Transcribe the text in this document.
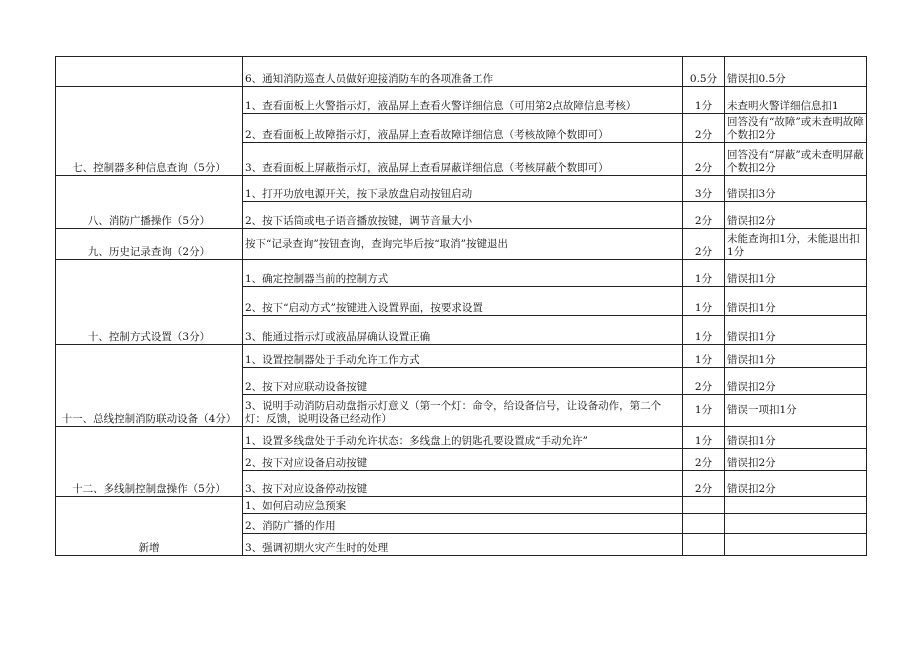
	6、通知消防巡查人员做好迎接消防车的各项准备工作	0.5分	错误扣0.5分
七、控制器多种信息查询（5分）	1、查看面板上火警指示灯，液晶屏上查看火警详细信息（可用第2点故障信息考核）	1分	未查明火警详细信息扣1
	2、查看面板上故障指示灯，液晶屏上查看故障详细信息（考核故障个数即可）	2分	回答没有“故障”或未查明故障个数扣2分
	3、查看面板上屏蔽指示灯，液晶屏上查看屏蔽详细信息（考核屏蔽个数即可）	2分	回答没有“屏蔽”或未查明屏蔽个数扣2分
八、消防广播操作（5分）	1、打开功放电源开关，按下录放盘启动按钮启动	3分	错误扣3分
	2、按下话筒或电子语音播放按键，调节音量大小	2分	错误扣2分
九、历史记录查询（2分）	按下“记录查询”按钮查询，查询完毕后按“取消”按键退出	2分	未能查询扣1分，未能退出扣1分
十、控制方式设置（3分）	1、确定控制器当前的控制方式	1分	错误扣1分
	2、按下“启动方式”按键进入设置界面，按要求设置	1分	错误扣1分
	3、能通过指示灯或液晶屏确认设置正确	1分	错误扣1分
十一、总线控制消防联动设备（4分）	1、设置控制器处于手动允许工作方式	1分	错误扣1分
	2、按下对应联动设备按键	2分	错误扣2分
	3、说明手动消防启动盘指示灯意义（第一个灯：命令，给设备信号，让设备动作，第二个灯：反馈，说明设备已经动作）	1分	错误一项扣1分
十二、多线制控制盘操作（5分）	1、设置多线盘处于手动允许状态：多线盘上的钥匙孔要设置成“手动允许”	1分	错误扣1分
	2、按下对应设备启动按键	2分	错误扣2分
	3、按下对应设备停动按键	2分	错误扣2分
新增	1、如何启动应急预案		
	2、消防广播的作用		
	3、强调初期火灾产生时的处理		
